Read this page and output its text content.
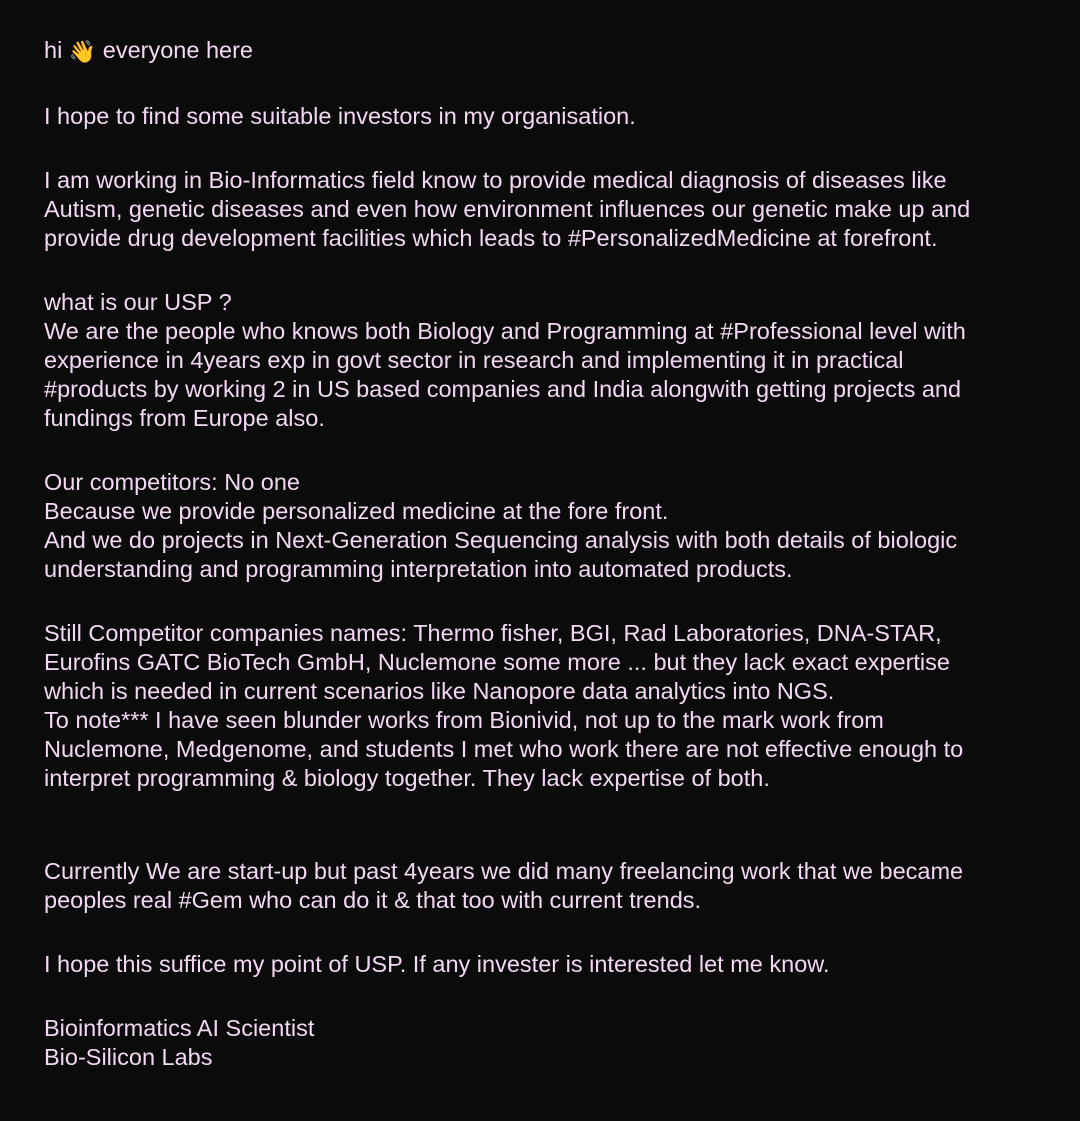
hi 👋 everyone here
I hope to find some suitable investors in my organisation.
I am working in Bio-Informatics field know to provide medical diagnosis of diseases like
Autism, genetic diseases and even how environment influences our genetic make up and
provide drug development facilities which leads to #PersonalizedMedicine at forefront.
what is our USP ?
We are the people who knows both Biology and Programming at #Professional level with
experience in 4years exp in govt sector in research and implementing it in practical
#products by working 2 in US based companies and India alongwith getting projects and
fundings from Europe also.
Our competitors: No one
Because we provide personalized medicine at the fore front.
And we do projects in Next-Generation Sequencing analysis with both details of biologic
understanding and programming interpretation into automated products.
Still Competitor companies names: Thermo fisher, BGI, Rad Laboratories, DNA-STAR,
Eurofins GATC BioTech GmbH, Nuclemone some more ... but they lack exact expertise
which is needed in current scenarios like Nanopore data analytics into NGS.
To note*** I have seen blunder works from Bionivid, not up to the mark work from
Nuclemone, Medgenome, and students I met who work there are not effective enough to
interpret programming & biology together. They lack expertise of both.
Currently We are start-up but past 4years we did many freelancing work that we became
peoples real #Gem who can do it & that too with current trends.
I hope this suffice my point of USP. If any invester is interested let me know.
Bioinformatics AI Scientist
Bio-Silicon Labs
